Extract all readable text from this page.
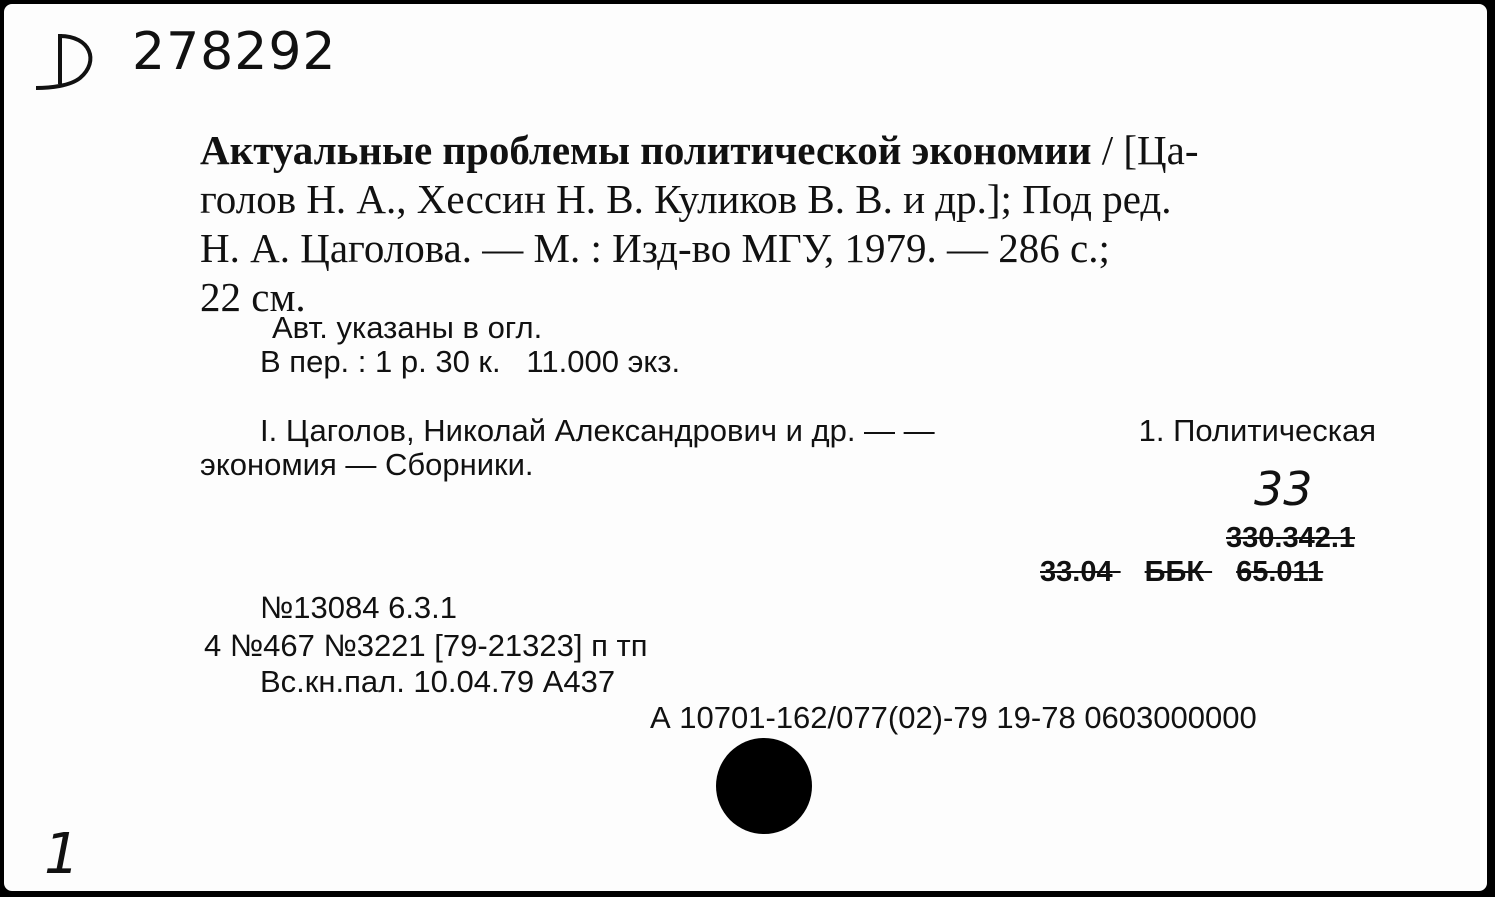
278292
Актуальные проблемы политической экономии / [Ца-
голов Н. А., Хессин Н. В. Куликов В. В. и др.]; Под ред.
Н. А. Цаголова. — М. : Изд-во МГУ, 1979. — 286 с.;
22 см.
Авт. указаны в огл.
В пер. : 1 р. 30 к.   11.000 экз.
I. Цаголов, Николай Александрович и др. — —	1. Политическая
экономия — Сборники.	33
330.342.1
33.04 ББК 65.011
№13084 6.3.1
4 №467 №3221 [79-21323] п тп
Вс.кн.пал. 10.04.79 А437
А 10701-162/077(02)-79 19-78 0603000000
1
